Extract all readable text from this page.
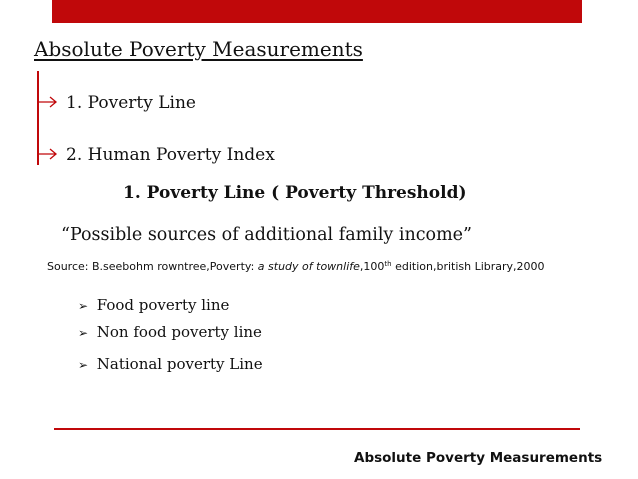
Absolute Poverty Measurements
1. Poverty Line
2. Human Poverty Index
1. Poverty Line ( Poverty Threshold)
“Possible sources of additional family income”
Source: B.seebohm rowntree,Poverty: a study of townlife,100th edition,british Library,2000
➢ Food poverty line
➢ Non food poverty line
➢ National poverty Line
Absolute Poverty Measurements
